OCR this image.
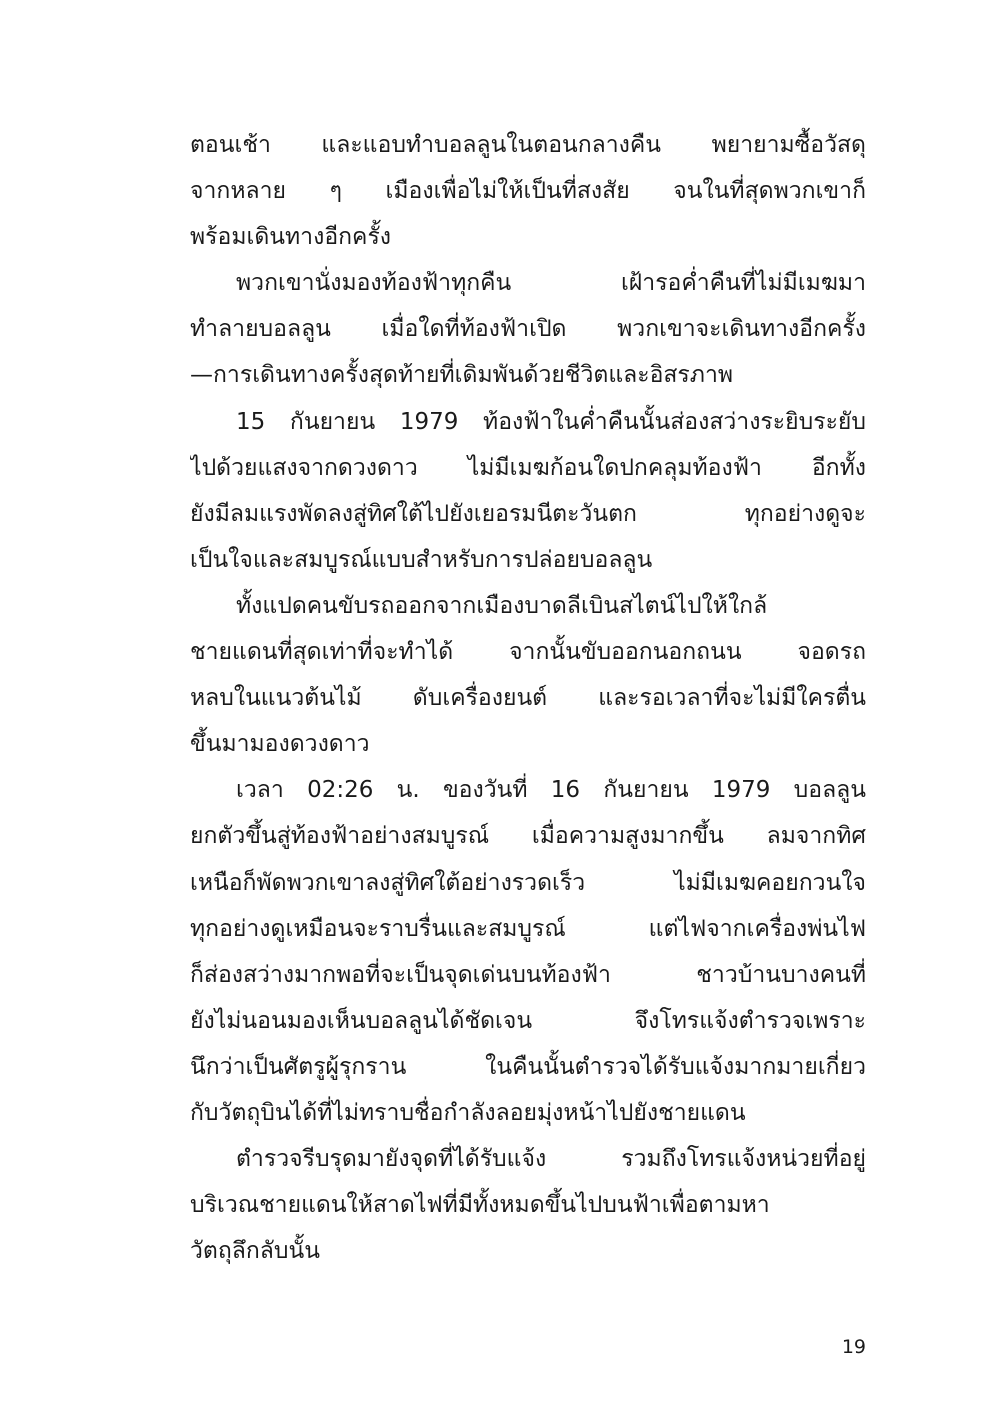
ตอนเช้า และแอบทำบอลลูนในตอนกลางคืน พยายามซื้อวัสดุ
จากหลาย ๆ เมืองเพื่อไม่ให้เป็นที่สงสัย จนในที่สุดพวกเขาก็
พร้อมเดินทางอีกครั้ง
พวกเขานั่งมองท้องฟ้าทุกคืน เฝ้ารอค่ำคืนที่ไม่มีเมฆมา
ทำลายบอลลูน เมื่อใดที่ท้องฟ้าเปิด พวกเขาจะเดินทางอีกครั้ง
—การเดินทางครั้งสุดท้ายที่เดิมพันด้วยชีวิตและอิสรภาพ
15 กันยายน 1979 ท้องฟ้าในค่ำคืนนั้นส่องสว่างระยิบระยับ
ไปด้วยแสงจากดวงดาว ไม่มีเมฆก้อนใดปกคลุมท้องฟ้า อีกทั้ง
ยังมีลมแรงพัดลงสู่ทิศใต้ไปยังเยอรมนีตะวันตก ทุกอย่างดูจะ
เป็นใจและสมบูรณ์แบบสำหรับการปล่อยบอลลูน
ทั้งแปดคนขับรถออกจากเมืองบาดลีเบินสไตน์ไปให้ใกล้
ชายแดนที่สุดเท่าที่จะทำได้ จากนั้นขับออกนอกถนน จอดรถ
หลบในแนวต้นไม้ ดับเครื่องยนต์ และรอเวลาที่จะไม่มีใครตื่น
ขึ้นมามองดวงดาว
เวลา 02:26 น. ของวันที่ 16 กันยายน 1979 บอลลูน
ยกตัวขึ้นสู่ท้องฟ้าอย่างสมบูรณ์ เมื่อความสูงมากขึ้น ลมจากทิศ
เหนือก็พัดพวกเขาลงสู่ทิศใต้อย่างรวดเร็ว ไม่มีเมฆคอยกวนใจ
ทุกอย่างดูเหมือนจะราบรื่นและสมบูรณ์ แต่ไฟจากเครื่องพ่นไฟ
ก็ส่องสว่างมากพอที่จะเป็นจุดเด่นบนท้องฟ้า ชาวบ้านบางคนที่
ยังไม่นอนมองเห็นบอลลูนได้ชัดเจน จึงโทรแจ้งตำรวจเพราะ
นึกว่าเป็นศัตรูผู้รุกราน ในคืนนั้นตำรวจได้รับแจ้งมากมายเกี่ยว
กับวัตถุบินได้ที่ไม่ทราบชื่อกำลังลอยมุ่งหน้าไปยังชายแดน
ตำรวจรีบรุดมายังจุดที่ได้รับแจ้ง รวมถึงโทรแจ้งหน่วยที่อยู่
บริเวณชายแดนให้สาดไฟที่มีทั้งหมดขึ้นไปบนฟ้าเพื่อตามหา
วัตถุลึกลับนั้น
19
